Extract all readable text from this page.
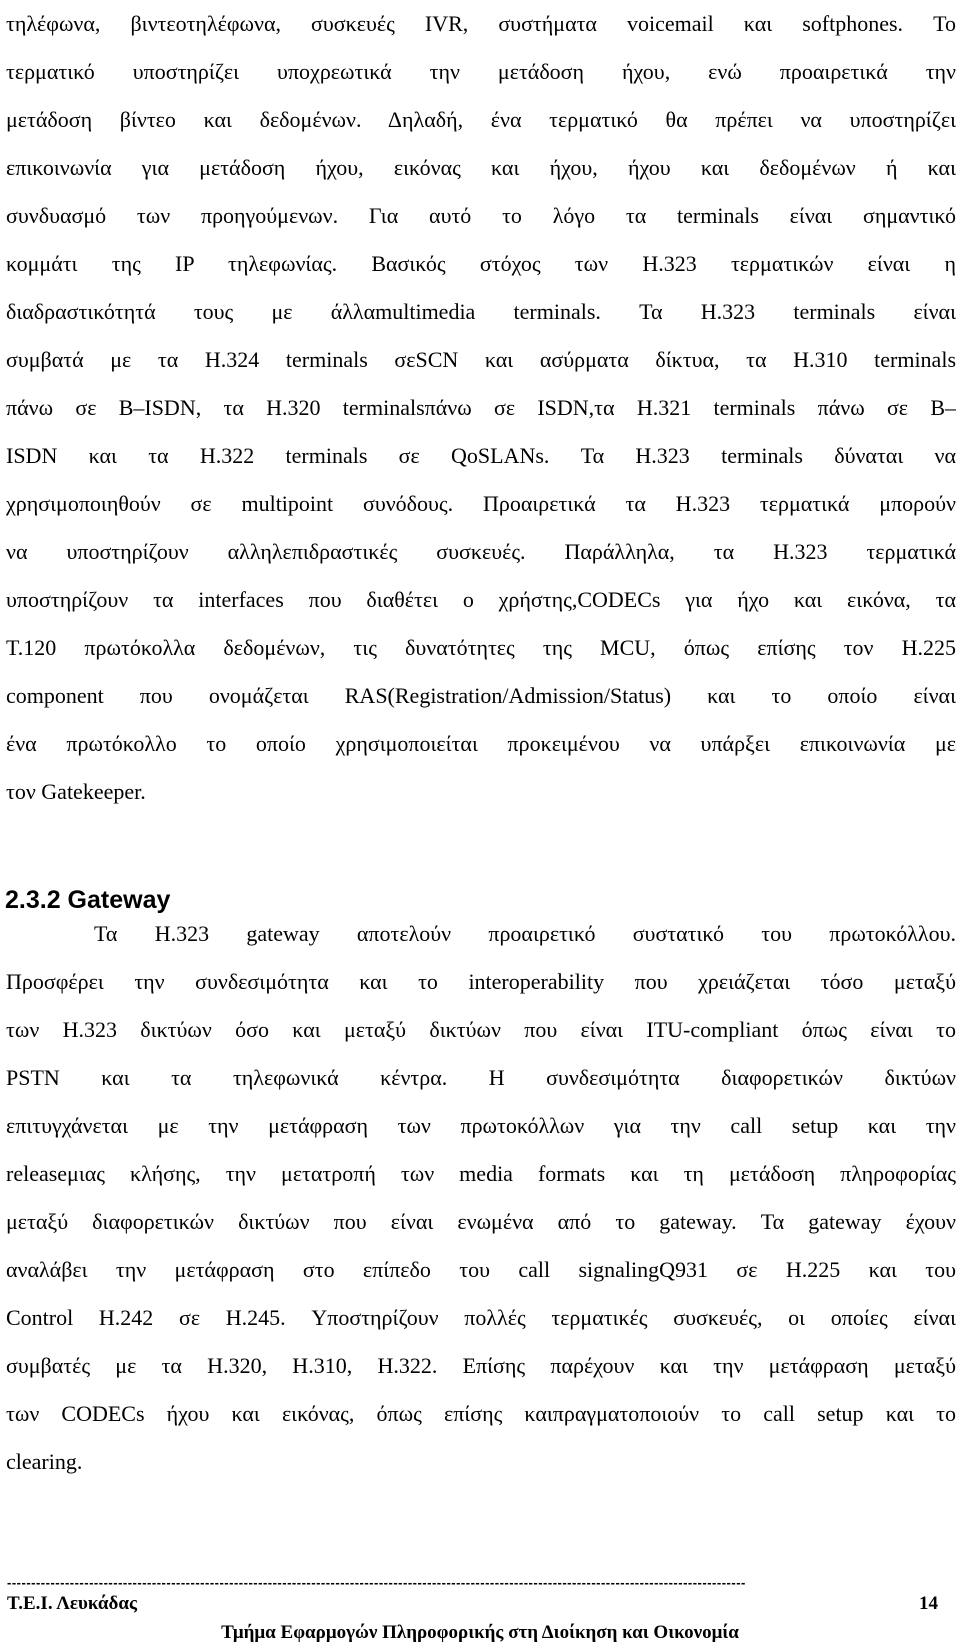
τηλέφωνα, βιντεοτηλέφωνα, συσκευές IVR, συστήματα voicemail και softphones. Το
τερματικό υποστηρίζει υποχρεωτικά την μετάδοση ήχου, ενώ προαιρετικά την
μετάδοση βίντεο και δεδομένων. Δηλαδή, ένα τερματικό θα πρέπει να υποστηρίζει
επικοινωνία για μετάδοση ήχου, εικόνας και ήχου, ήχου και δεδομένων ή και
συνδυασμό των προηγούμενων. Για αυτό το λόγο τα terminals είναι σημαντικό
κομμάτι της IP τηλεφωνίας. Βασικός στόχος των H.323 τερματικών είναι η
διαδραστικότητά τους με άλλαmultimedia terminals. Τα H.323 terminals είναι
συμβατά με τα H.324 terminals σεSCN και ασύρματα δίκτυα, τα H.310 terminals
πάνω σε B–ISDN, τα H.320 terminalsπάνω σε ISDN,τα H.321 terminals πάνω σε B–
ISDN και τα H.322 terminals σε QoSLANs. Τα H.323 terminals δύναται να
χρησιμοποιηθούν σε multipoint συνόδους. Προαιρετικά τα H.323 τερματικά μπορούν
να υποστηρίζουν αλληλεπιδραστικές συσκευές. Παράλληλα, τα H.323 τερματικά
υποστηρίζουν τα interfaces που διαθέτει ο χρήστης,CODECs για ήχο και εικόνα, τα
T.120 πρωτόκολλα δεδομένων, τις δυνατότητες της MCU, όπως επίσης τον H.225
component που ονομάζεται RAS(Registration/Admission/Status) και το οποίο είναι
ένα πρωτόκολλο το οποίο χρησιμοποιείται προκειμένου να υπάρξει επικοινωνία με
τον Gatekeeper.
2.3.2 Gateway
Τα H.323 gateway αποτελούν προαιρετικό συστατικό του πρωτοκόλλου.
Προσφέρει την συνδεσιμότητα και το interoperability που χρειάζεται τόσο μεταξύ
των H.323 δικτύων όσο και μεταξύ δικτύων που είναι ITU-compliant όπως είναι το
PSTN και τα τηλεφωνικά κέντρα. Η συνδεσιμότητα διαφορετικών δικτύων
επιτυγχάνεται με την μετάφραση των πρωτοκόλλων για την call setup και την
releaseμιας κλήσης, την μετατροπή των media formats και τη μετάδοση πληροφορίας
μεταξύ διαφορετικών δικτύων που είναι ενωμένα από το gateway. Τα gateway έχουν
αναλάβει την μετάφραση στο επίπεδο του call signalingQ931 σε H.225 και του
Control H.242 σε H.245. Υποστηρίζουν πολλές τερματικές συσκευές, οι οποίες είναι
συμβατές με τα H.320, H.310, H.322. Επίσης παρέχουν και την μετάφραση μεταξύ
των CODECs ήχου και εικόνας, όπως επίσης καιπραγματοποιούν το call setup και το
clearing.
---------------------------------------------------------------------------------------------------------------------------------------------------------
Τ.Ε.Ι. Λευκάδας	14
Τμήμα Εφαρμογών Πληροφορικής στη Διοίκηση και Οικονομία
